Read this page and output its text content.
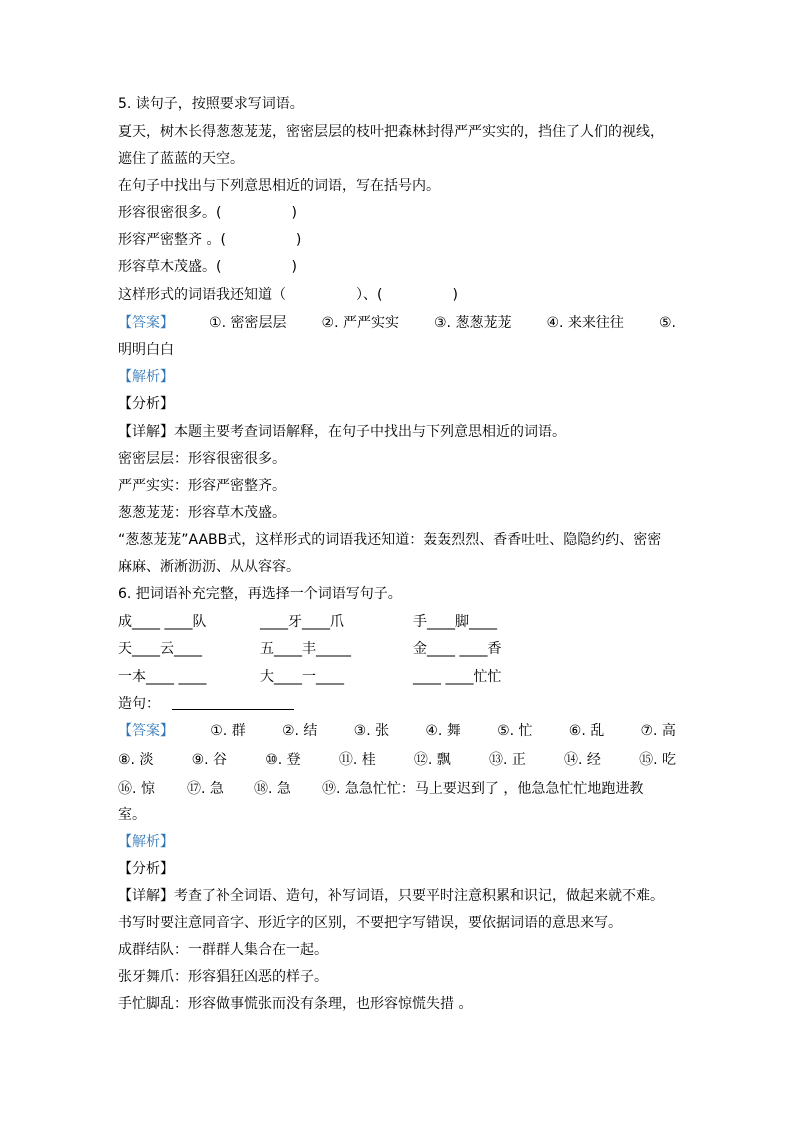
5. 读句子，按照要求写词语。
夏天，树木长得葱葱茏茏，密密层层的枝叶把森林封得严严实实的，挡住了人们的视线，
遮住了蓝蓝的天空。
在句子中找出与下列意思相近的词语，写在括号内。
形容很密很多。(　　　　　)
形容严密整齐 。(　　　　　)
形容草木茂盛。(　　　　　)
这样形式的词语我还知道（　　　　　）、(　　　　　)
【答案】	①. 密密层层	②. 严严实实	③. 葱葱茏茏	④. 来来往往	⑤.
明明白白
【解析】
【分析】
【详解】本题主要考查词语解释，在句子中找出与下列意思相近的词语。
密密层层：形容很密很多。
严严实实：形容严密整齐。
葱葱茏茏：形容草木茂盛。
“葱葱茏茏”AABB式，这样形式的词语我还知道：轰轰烈烈、香香吐吐、隐隐约约、密密
麻麻、淅淅沥沥、从从容容。
6. 把词语补充完整，再选择一个词语写句子。
成____ ____队	____牙____爪	手____脚____
天____云____	五____丰_____	金____ ____香
一本____ ____	大____一____	____ ____忙忙
造句：
【答案】	①. 群	②. 结	③. 张	④. 舞	⑤. 忙	⑥. 乱	⑦. 高
⑧. 淡	⑨. 谷	⑩. 登	⑪. 桂	⑫. 飘	⑬. 正	⑭. 经	⑮. 吃
⑯. 惊 ⑰. 急 ⑱. 急 ⑲. 急急忙忙：马上要迟到了 ，他急急忙忙地跑进教
室。
【解析】
【分析】
【详解】考查了补全词语、造句，补写词语，只要平时注意积累和识记，做起来就不难。
书写时要注意同音字、形近字的区别，不要把字写错误，要依据词语的意思来写。
成群结队：一群群人集合在一起。
张牙舞爪：形容猖狂凶恶的样子。
手忙脚乱：形容做事慌张而没有条理，也形容惊慌失措 。
